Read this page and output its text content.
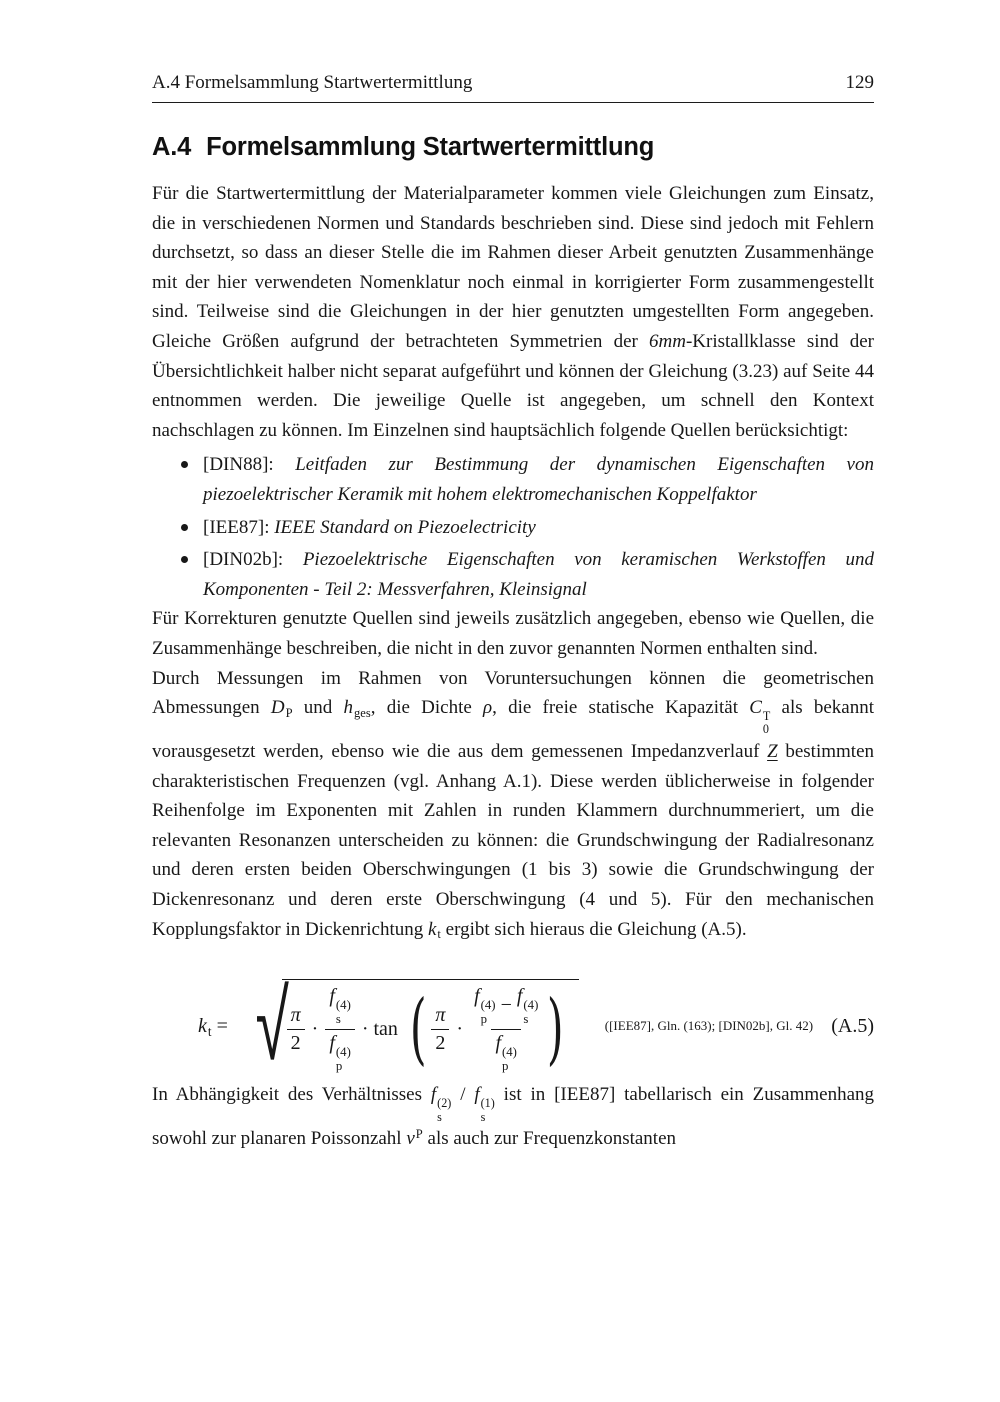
A.4 Formelsammlung Startwertermittlung	129
A.4 Formelsammlung Startwertermittlung

Für die Startwertermittlung der Materialparameter kommen viele Gleichungen zum Einsatz, die in verschiedenen Normen und Standards beschrieben sind. Diese sind jedoch mit Fehlern durchsetzt, so dass an dieser Stelle die im Rahmen dieser Arbeit genutzten Zusammenhänge mit der hier verwendeten Nomenklatur noch einmal in korrigierter Form zusammengestellt sind. Teilweise sind die Gleichungen in der hier genutzten umgestellten Form angegeben. Gleiche Größen aufgrund der betrachteten Symmetrien der 6mm-Kristallklasse sind der Übersichtlichkeit halber nicht separat aufgeführt und können der Gleichung (3.23) auf Seite 44 entnommen werden. Die jeweilige Quelle ist angegeben, um schnell den Kontext nachschlagen zu können. Im Einzelnen sind hauptsächlich folgende Quellen berücksichtigt:

[DIN88]: Leitfaden zur Bestimmung der dynamischen Eigenschaften von piezoelektrischer Keramik mit hohem elektromechanischen Koppelfaktor
[IEE87]: IEEE Standard on Piezoelectricity
[DIN02b]: Piezoelektrische Eigenschaften von keramischen Werkstoffen und Komponenten - Teil 2: Messverfahren, Kleinsignal

Für Korrekturen genutzte Quellen sind jeweils zusätzlich angegeben, ebenso wie Quellen, die Zusammenhänge beschreiben, die nicht in den zuvor genannten Normen enthalten sind.

Durch Messungen im Rahmen von Voruntersuchungen können die geometrischen Abmessungen $D_P$ und $h_{ges}$, die Dichte ρ, die freie statische Kapazität C T
0
als bekannt vorausgesetzt werden, ebenso wie die aus dem gemessenen Impedanzverlauf Z bestimmten charakteristischen Frequenzen (vgl. Anhang A.1). Diese werden üblicherweise in folgender Reihenfolge im Exponenten mit Zahlen in runden Klammern durchnummeriert, um die relevanten Resonanzen unterscheiden zu können: die Grundschwingung der Radialresonanz und deren ersten beiden Oberschwingungen (1 bis 3) sowie die Grundschwingung der Dickenresonanz und deren erste Oberschwingung (4 und 5). Für den mechanischen Kopplungsfaktor in Dickenrichtung $k_t$ ergibt sich hieraus die Gleichung (A.5).

$k_t$ = √
$\frac{\pi}{2} \cdot f$ (4)
s
f (4)
p · tan
( $\frac{\pi}{2} \cdot f$ (4)
p
− f (4)
s
f (4)
p )	([IEE87], Gln. (163); [DIN02b], Gl. 42) (A.5)

In Abhängigkeit des Verhältnisses f (2)
s
/ f (1)
s
ist in [IEE87] tabellarisch ein Zusammenhang sowohl zur planaren Poissonzahl $\nu^P$ als auch zur Frequenzkonstanten
